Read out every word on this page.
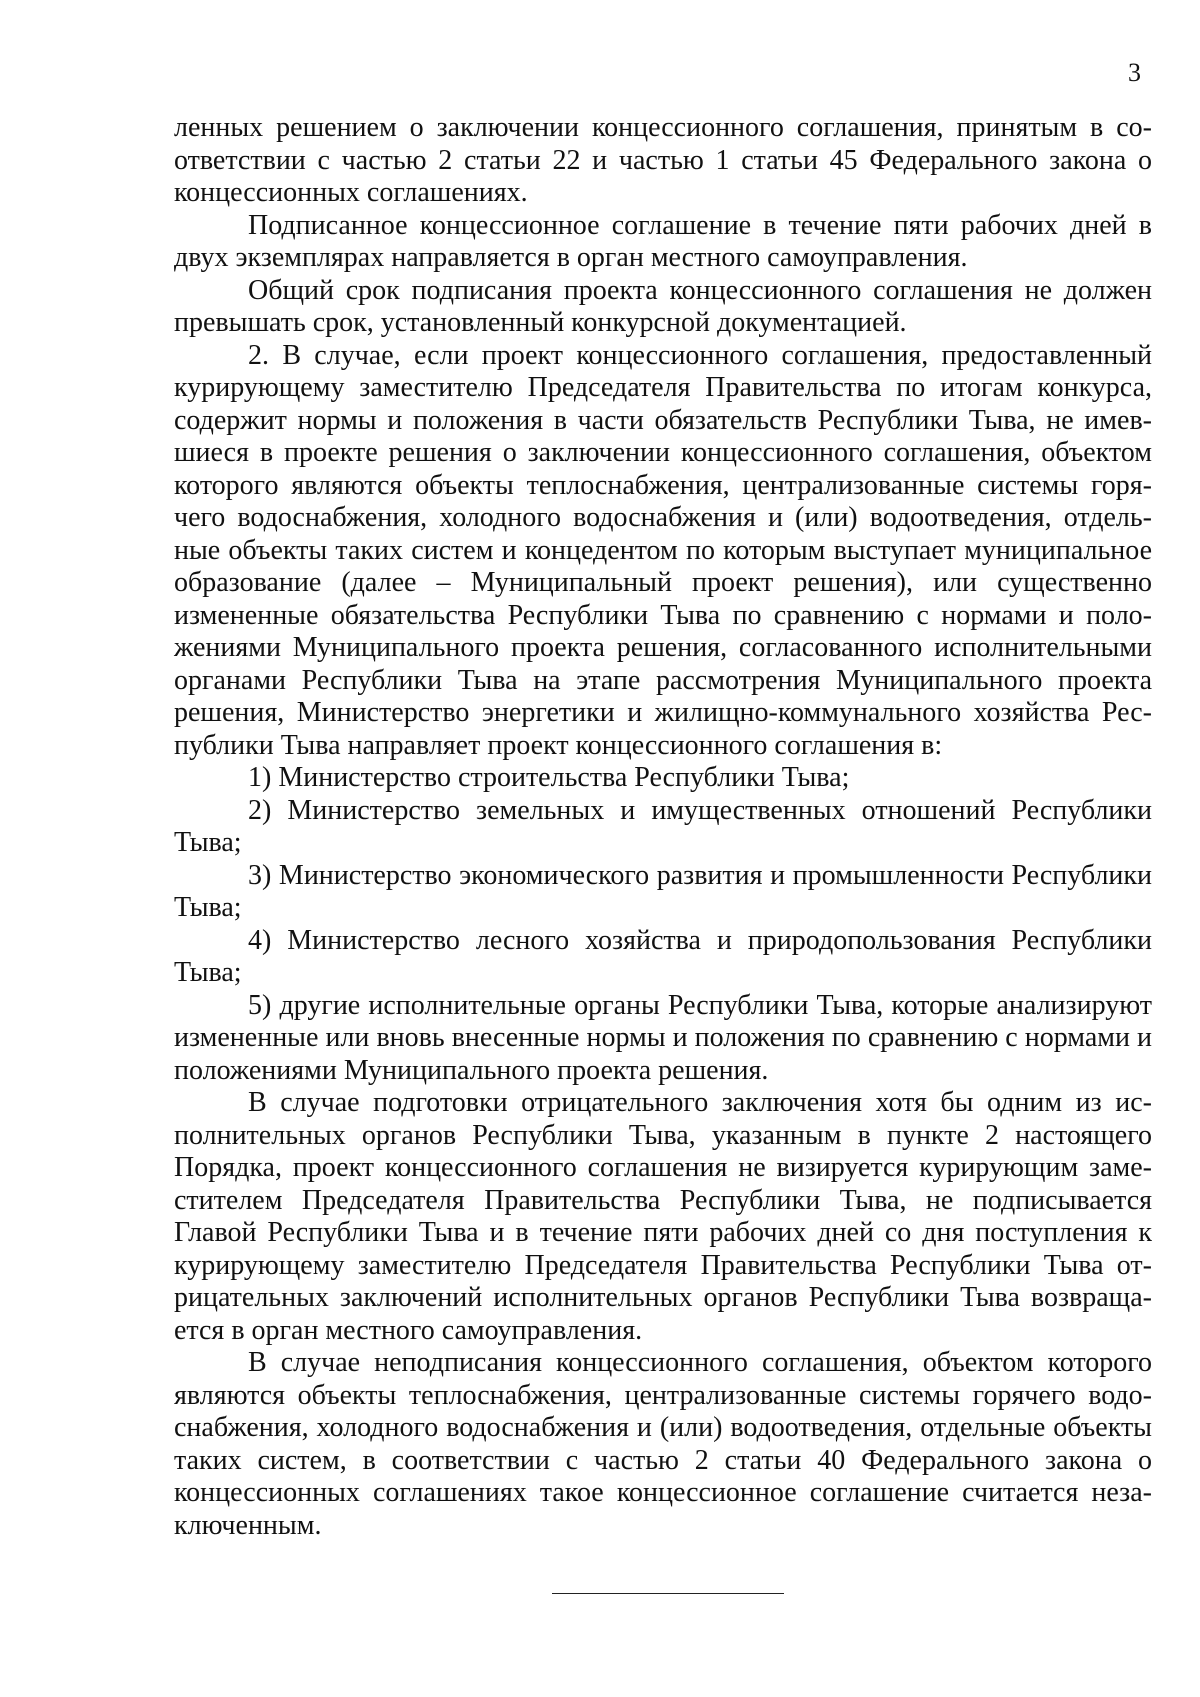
3

ленных решением о заключении концессионного соглашения, принятым в соответствии с частью 2 статьи 22 и частью 1 статьи 45 Федерального закона о концессионных соглашениях.

Подписанное концессионное соглашение в течение пяти рабочих дней в двух экземплярах направляется в орган местного самоуправления.

Общий срок подписания проекта концессионного соглашения не должен превышать срок, установленный конкурсной документацией.

2. В случае, если проект концессионного соглашения, предоставленный курирующему заместителю Председателя Правительства по итогам конкурса, содержит нормы и положения в части обязательств Республики Тыва, не имевшиеся в проекте решения о заключении концессионного соглашения, объектом которого являются объекты теплоснабжения, централизованные системы горячего водоснабжения, холодного водоснабжения и (или) водоотведения, отдельные объекты таких систем и концедентом по которым выступает муниципальное образование (далее – Муниципальный проект решения), или существенно измененные обязательства Республики Тыва по сравнению с нормами и положениями Муниципального проекта решения, согласованного исполнительными органами Республики Тыва на этапе рассмотрения Муниципального проекта решения, Министерство энергетики и жилищно-коммунального хозяйства Республики Тыва направляет проект концессионного соглашения в:

1) Министерство строительства Республики Тыва;

2) Министерство земельных и имущественных отношений Республики Тыва;

3) Министерство экономического развития и промышленности Республики Тыва;

4) Министерство лесного хозяйства и природопользования Республики Тыва;

5) другие исполнительные органы Республики Тыва, которые анализируют измененные или вновь внесенные нормы и положения по сравнению с нормами и положениями Муниципального проекта решения.

В случае подготовки отрицательного заключения хотя бы одним из исполнительных органов Республики Тыва, указанным в пункте 2 настоящего Порядка, проект концессионного соглашения не визируется курирующим заместителем Председателя Правительства Республики Тыва, не подписывается Главой Республики Тыва и в течение пяти рабочих дней со дня поступления к курирующему заместителю Председателя Правительства Республики Тыва отрицательных заключений исполнительных органов Республики Тыва возвращается в орган местного самоуправления.

В случае неподписания концессионного соглашения, объектом которого являются объекты теплоснабжения, централизованные системы горячего водоснабжения, холодного водоснабжения и (или) водоотведения, отдельные объекты таких систем, в соответствии с частью 2 статьи 40 Федерального закона о концессионных соглашениях такое концессионное соглашение считается незаключенным.
